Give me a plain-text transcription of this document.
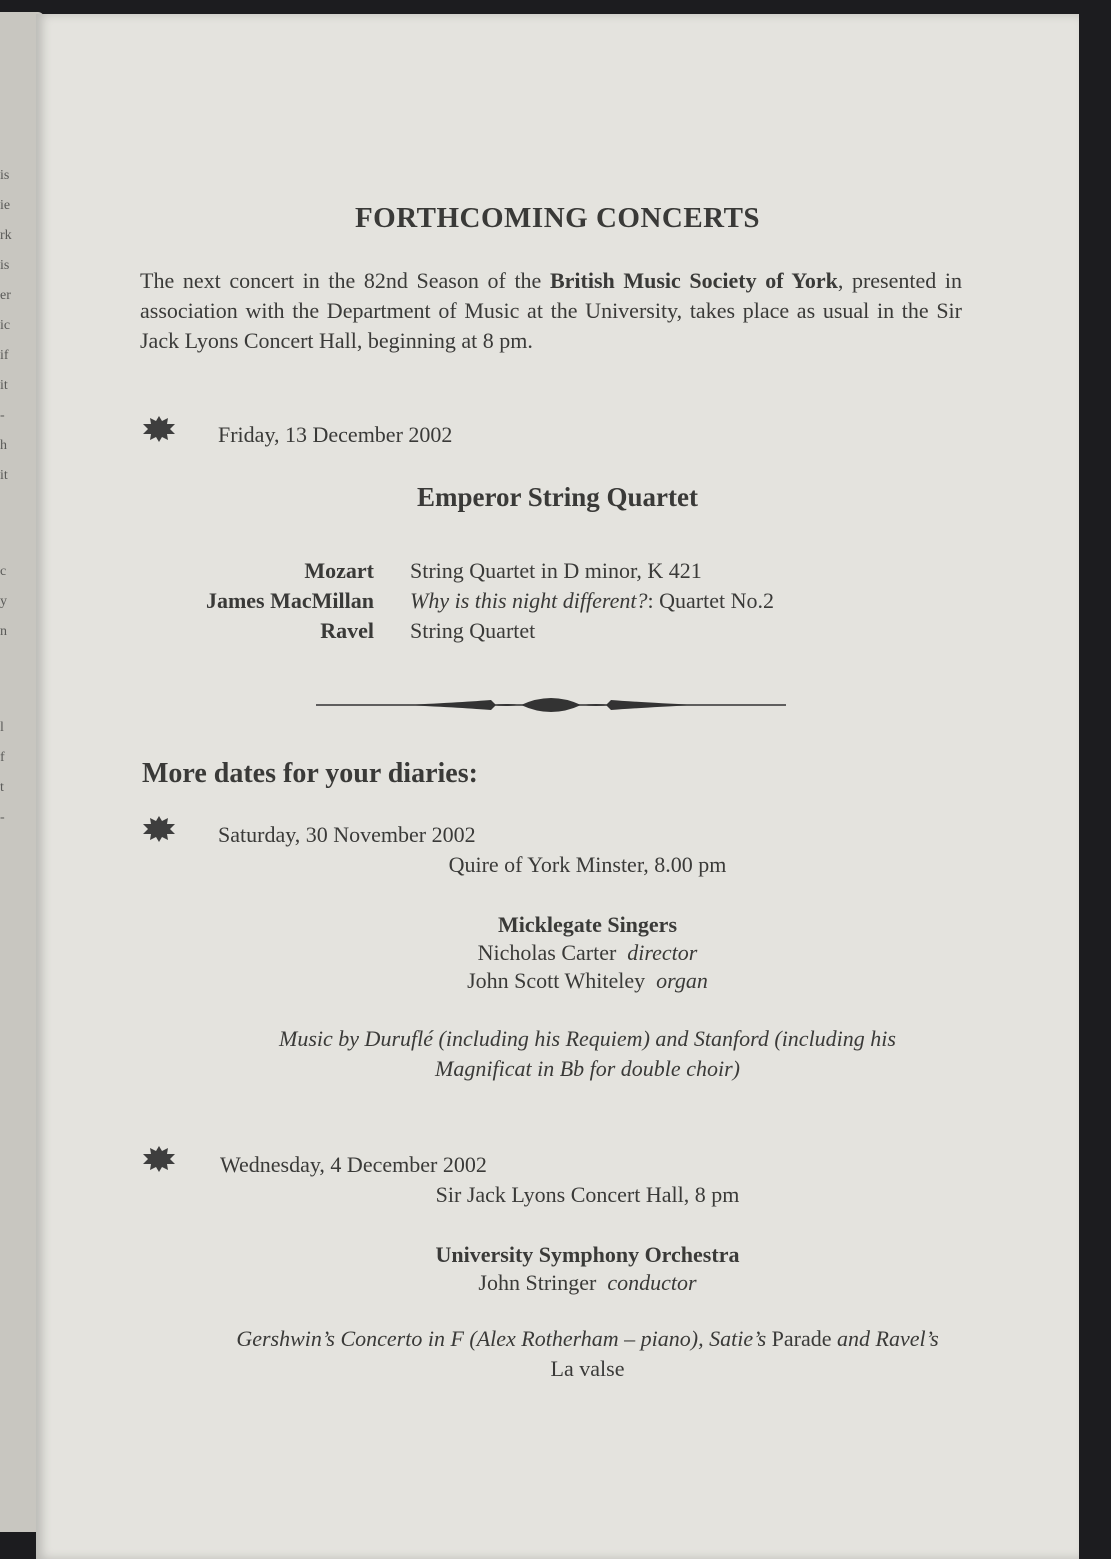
is
ie
rk
is
er
ic
if
it
-
h
it
c
y
n
l
f
t
-
FORTHCOMING CONCERTS
The next concert in the 82nd Season of the British Music Society of York, presented in association with the Department of Music at the University, takes place as usual in the Sir Jack Lyons Concert Hall, beginning at 8 pm.
Friday, 13 December 2002
Emperor String Quartet
Mozart	String Quartet in D minor, K 421
James MacMillan	Why is this night different?: Quartet No.2
Ravel	String Quartet
More dates for your diaries:
Saturday, 30 November 2002
Quire of York Minster, 8.00 pm
Micklegate Singers
Nicholas Carter director
John Scott Whiteley organ
Music by Duruflé (including his Requiem) and Stanford (including his
Magnificat in Bb for double choir)
Wednesday, 4 December 2002
Sir Jack Lyons Concert Hall, 8 pm
University Symphony Orchestra
John Stringer conductor
Gershwin’s Concerto in F (Alex Rotherham – piano), Satie’s Parade and Ravel’s
La valse
